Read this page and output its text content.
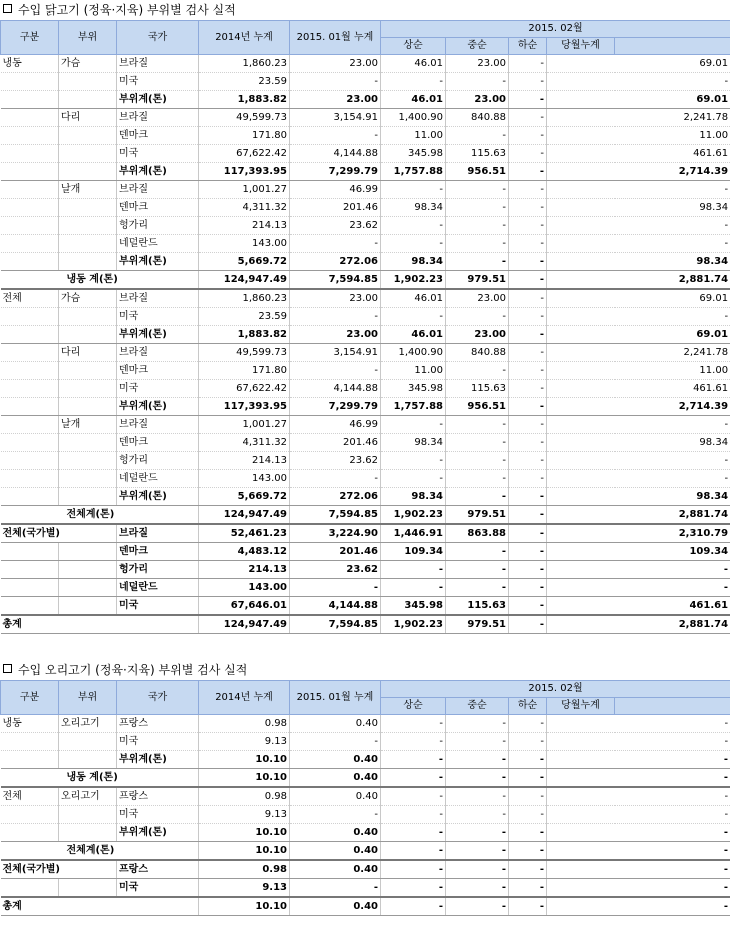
수입 닭고기 (정육·지육) 부위별 검사 실적
구분	부위	국가	2014년 누계	2015. 01월 누계	2015. 02월	
					상순	중순	하순	당월누계		
냉동	가슴	브라질	1,860.23	23.00	46.01	23.00	-	69.01	
		미국	23.59	-	-	-	-	-	
		부위계(톤)	1,883.82	23.00	46.01	23.00	-	69.01	
	다리	브라질	49,599.73	3,154.91	1,400.90	840.88	-	2,241.78	
		덴마크	171.80	-	11.00	-	-	11.00	
		미국	67,622.42	4,144.88	345.98	115.63	-	461.61	
		부위계(톤)	117,393.95	7,299.79	1,757.88	956.51	-	2,714.39	
	날개	브라질	1,001.27	46.99	-	-	-	-	
		덴마크	4,311.32	201.46	98.34	-	-	98.34	
		헝가리	214.13	23.62	-	-	-	-	
		네덜란드	143.00	-	-	-	-	-	
		부위계(톤)	5,669.72	272.06	98.34	-	-	98.34	
	냉동 계(톤)		124,947.49	7,594.85	1,902.23	979.51	-	2,881.74	
전체	가슴	브라질	1,860.23	23.00	46.01	23.00	-	69.01	
		미국	23.59	-	-	-	-	-	
		부위계(톤)	1,883.82	23.00	46.01	23.00	-	69.01	
	다리	브라질	49,599.73	3,154.91	1,400.90	840.88	-	2,241.78	
		덴마크	171.80	-	11.00	-	-	11.00	
		미국	67,622.42	4,144.88	345.98	115.63	-	461.61	
		부위계(톤)	117,393.95	7,299.79	1,757.88	956.51	-	2,714.39	
	날개	브라질	1,001.27	46.99	-	-	-	-	
		덴마크	4,311.32	201.46	98.34	-	-	98.34	
		헝가리	214.13	23.62	-	-	-	-	
		네덜란드	143.00	-	-	-	-	-	
		부위계(톤)	5,669.72	272.06	98.34	-	-	98.34	
	전체계(톤)		124,947.49	7,594.85	1,902.23	979.51	-	2,881.74	
전체(국가별)		브라질	52,461.23	3,224.90	1,446.91	863.88	-	2,310.79	
		덴마크	4,483.12	201.46	109.34	-	-	109.34	
		헝가리	214.13	23.62	-	-	-	-	
		네덜란드	143.00	-	-	-	-	-	
		미국	67,646.01	4,144.88	345.98	115.63	-	461.61	
총계			124,947.49	7,594.85	1,902.23	979.51	-	2,881.74	
수입 오리고기 (정육·지육) 부위별 검사 실적
구분	부위	국가	2014년 누계	2015. 01월 누계	2015. 02월	
					상순	중순	하순	당월누계		
냉동	오리고기	프랑스	0.98	0.40	-	-	-	-	
		미국	9.13	-	-	-	-	-	
		부위계(톤)	10.10	0.40	-	-	-	-	
	냉동 계(톤)		10.10	0.40	-	-	-	-	
전체	오리고기	프랑스	0.98	0.40	-	-	-	-	
		미국	9.13	-	-	-	-	-	
		부위계(톤)	10.10	0.40	-	-	-	-	
	전체계(톤)		10.10	0.40	-	-	-	-	
전체(국가별)		프랑스	0.98	0.40	-	-	-	-	
		미국	9.13	-	-	-	-	-	
총계			10.10	0.40	-	-	-	-	
